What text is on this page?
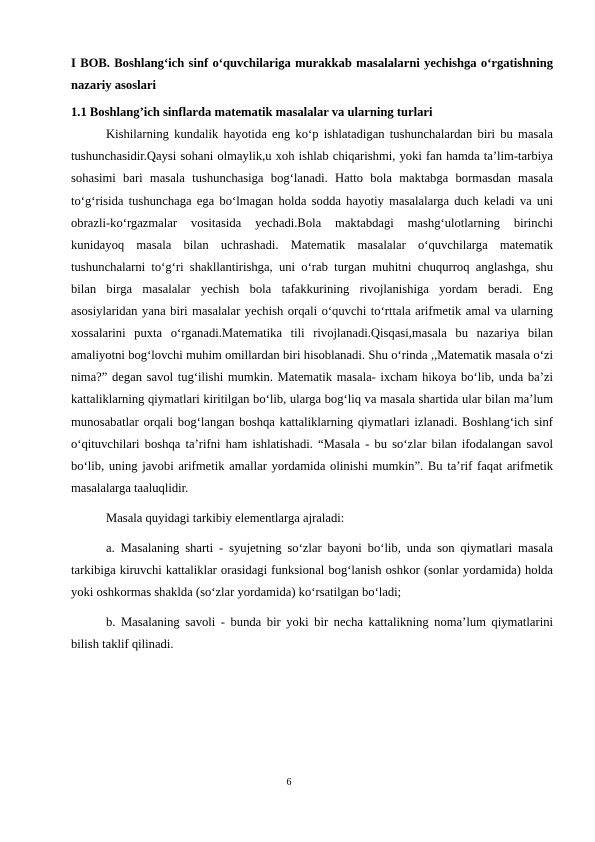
I BOB. Boshlang‘ich sinf o‘quvchilariga murakkab masalalarni yechishga o‘rgatishning nazariy asoslari

1.1 Boshlang’ich sinflarda matematik masalalar va ularning turlari

Kishilarning kundalik hayotida eng ko‘p ishlatadigan tushunchalardan biri bu masala tushunchasidir.Qaysi sohani olmaylik,u xoh ishlab chiqarishmi, yoki fan hamda ta’lim-tarbiya sohasimi bari masala tushunchasiga bog‘lanadi. Hatto bola maktabga bormasdan masala to‘g‘risida tushunchaga ega bo‘lmagan holda sodda hayotiy masalalarga duch keladi va uni obrazli-ko‘rgazmalar vositasida yechadi.Bola maktabdagi mashg‘ulotlarning birinchi kunidayoq masala bilan uchrashadi. Matematik masalalar o‘quvchilarga matematik tushunchalarni to‘g‘ri shakllantirishga, uni o‘rab turgan muhitni chuqurroq anglashga, shu bilan birga masalalar yechish bola tafakkurining rivojlanishiga yordam beradi. Eng asosiylaridan yana biri masalalar yechish orqali o‘quvchi to‘rttala arifmetik amal va ularning xossalarini puxta o‘rganadi.Matematika tili rivojlanadi.Qisqasi,masala bu nazariya bilan amaliyotni bog‘lovchi muhim omillardan biri hisoblanadi. Shu o‘rinda ,,Matematik masala o‘zi nima?” degan savol tug‘ilishi mumkin. Matematik masala- ixcham hikoya bo‘lib, unda ba’zi kattaliklarning qiymatlari kiritilgan bo‘lib, ularga bog‘liq va masala shartida ular bilan ma’lum munosabatlar orqali bog‘langan boshqa kattaliklarning qiymatlari izlanadi. Boshlang‘ich sinf o‘qituvchilari boshqa ta’rifni ham ishlatishadi. “Masala - bu so‘zlar bilan ifodalangan savol bo‘lib, uning javobi arifmetik amallar yordamida olinishi mumkin”. Bu ta’rif faqat arifmetik masalalarga taaluqlidir.

Masala quyidagi tarkibiy elementlarga ajraladi:

a. Masalaning sharti - syujetning so‘zlar bayoni bo‘lib, unda son qiymatlari masala tarkibiga kiruvchi kattaliklar orasidagi funksional bog‘lanish oshkor (sonlar yordamida) holda yoki oshkormas shaklda (so‘zlar yordamida) ko‘rsatilgan bo‘ladi;

b. Masalaning savoli - bunda bir yoki bir necha kattalikning noma’lum qiymatlarini bilish taklif qilinadi.

6
